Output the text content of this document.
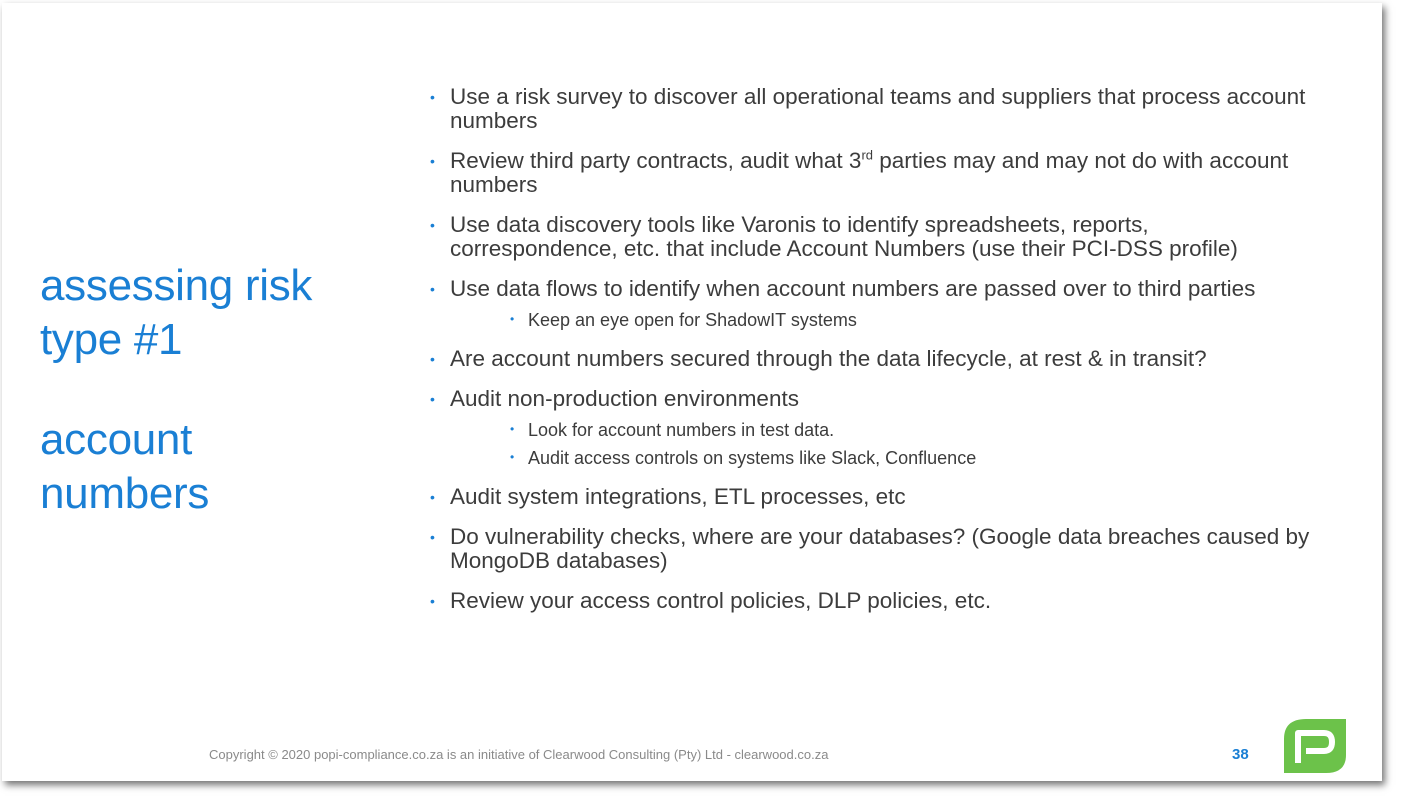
assessing risk
type #1
account
numbers
• Use a risk survey to discover all operational teams and suppliers that process account numbers
• Review third party contracts, audit what 3rd parties may and may not do with account numbers
• Use data discovery tools like Varonis to identify spreadsheets, reports, correspondence, etc. that include Account Numbers (use their PCI-DSS profile)
• Use data flows to identify when account numbers are passed over to third parties
• Keep an eye open for ShadowIT systems
• Are account numbers secured through the data lifecycle, at rest & in transit?
• Audit non-production environments
• Look for account numbers in test data.
• Audit access controls on systems like Slack, Confluence
• Audit system integrations, ETL processes, etc
• Do vulnerability checks, where are your databases? (Google data breaches caused by MongoDB databases)
• Review your access control policies, DLP policies, etc.
Copyright © 2020 popi-compliance.co.za is an initiative of Clearwood Consulting (Pty) Ltd - clearwood.co.za	38
